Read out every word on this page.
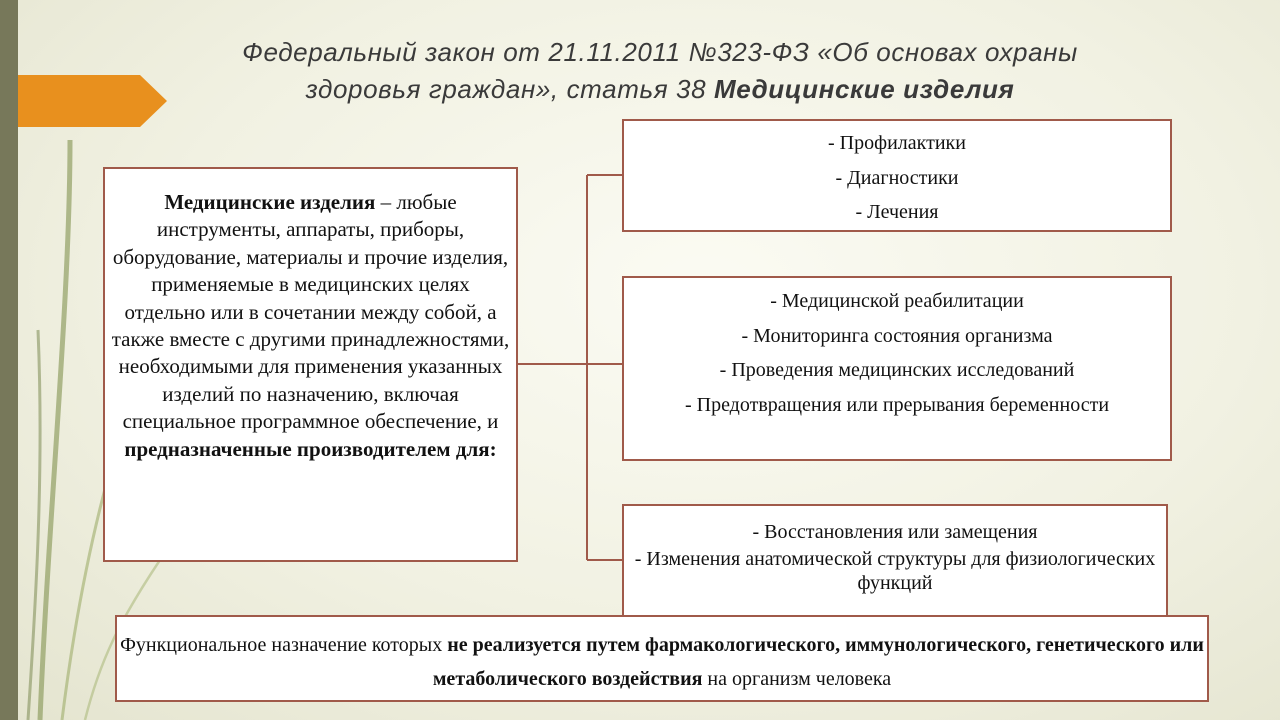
Федеральный закон от 21.11.2011 №323-ФЗ «Об основах охраны
здоровья граждан», статья 38 Медицинские изделия
Медицинские изделия – любые инструменты, аппараты, приборы, оборудование, материалы и прочие изделия, применяемые в медицинских целях отдельно или в сочетании между собой, а также вместе с другими принадлежностями, необходимыми для применения указанных изделий по назначению, включая специальное программное обеспечение, и предназначенные производителем для:
- Профилактики
- Диагностики
- Лечения
- Медицинской реабилитации
- Мониторинга состояния организма
- Проведения медицинских исследований
- Предотвращения или прерывания беременности
- Восстановления или замещения
- Изменения анатомической структуры для физиологических функций
Функциональное назначение которых не реализуется путем фармакологического, иммунологического, генетического или метаболического воздействия на организм человека
